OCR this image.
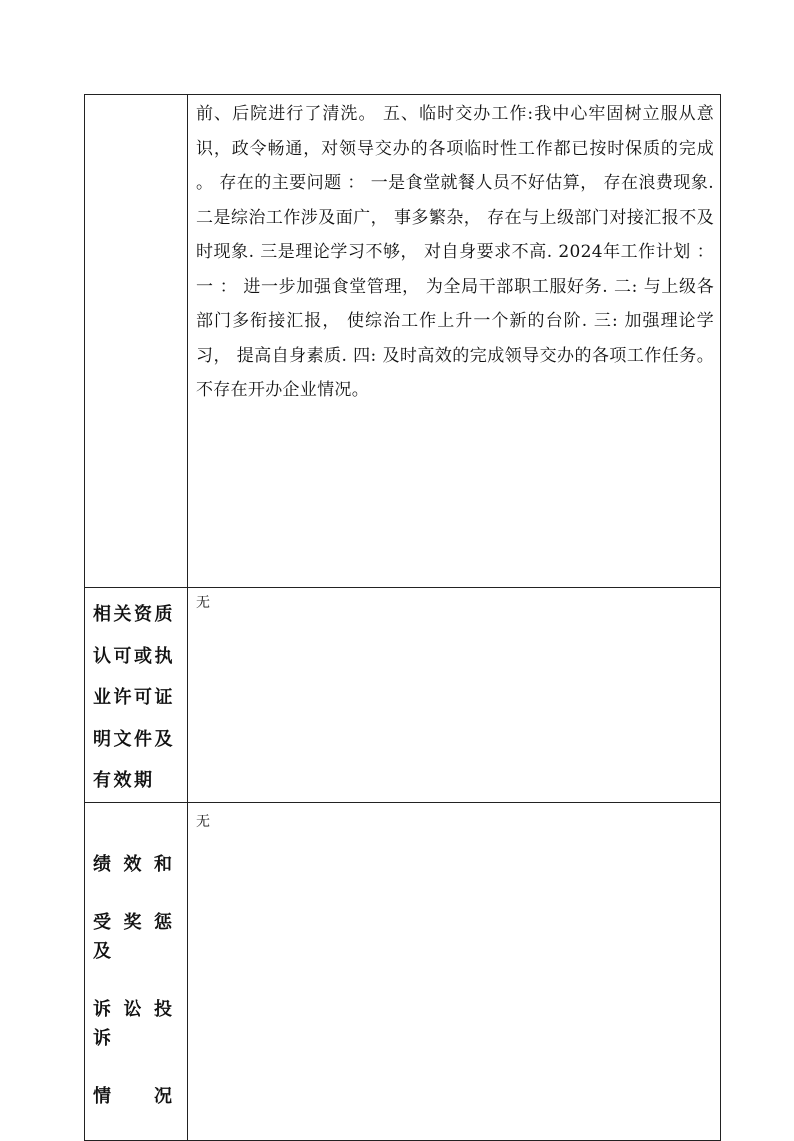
	前、后院进行了清洗。 五、临时交办工作:我中心牢固树立服从意识，政令畅通，对领导交办的各项临时性工作都已按时保质的完成 。 存在的主要问题 ： 一是食堂就餐人员不好估算， 存在浪费现象. 二是综治工作涉及面广， 事多繁杂， 存在与上级部门对接汇报不及时现象. 三是理论学习不够， 对自身要求不高. 2024年工作计划 ： 一 ： 进一步加强食堂管理， 为全局干部职工服好务. 二: 与上级各部门多衔接汇报， 使综治工作上升一个新的台阶. 三: 加强理论学习， 提高自身素质. 四: 及时高效的完成领导交办的各项工作任务。 不存在开办企业情况。

相关资质
认可或执
业许可证
明文件及
有效期	无

绩效和

受奖惩及

诉讼投诉

情况	无
